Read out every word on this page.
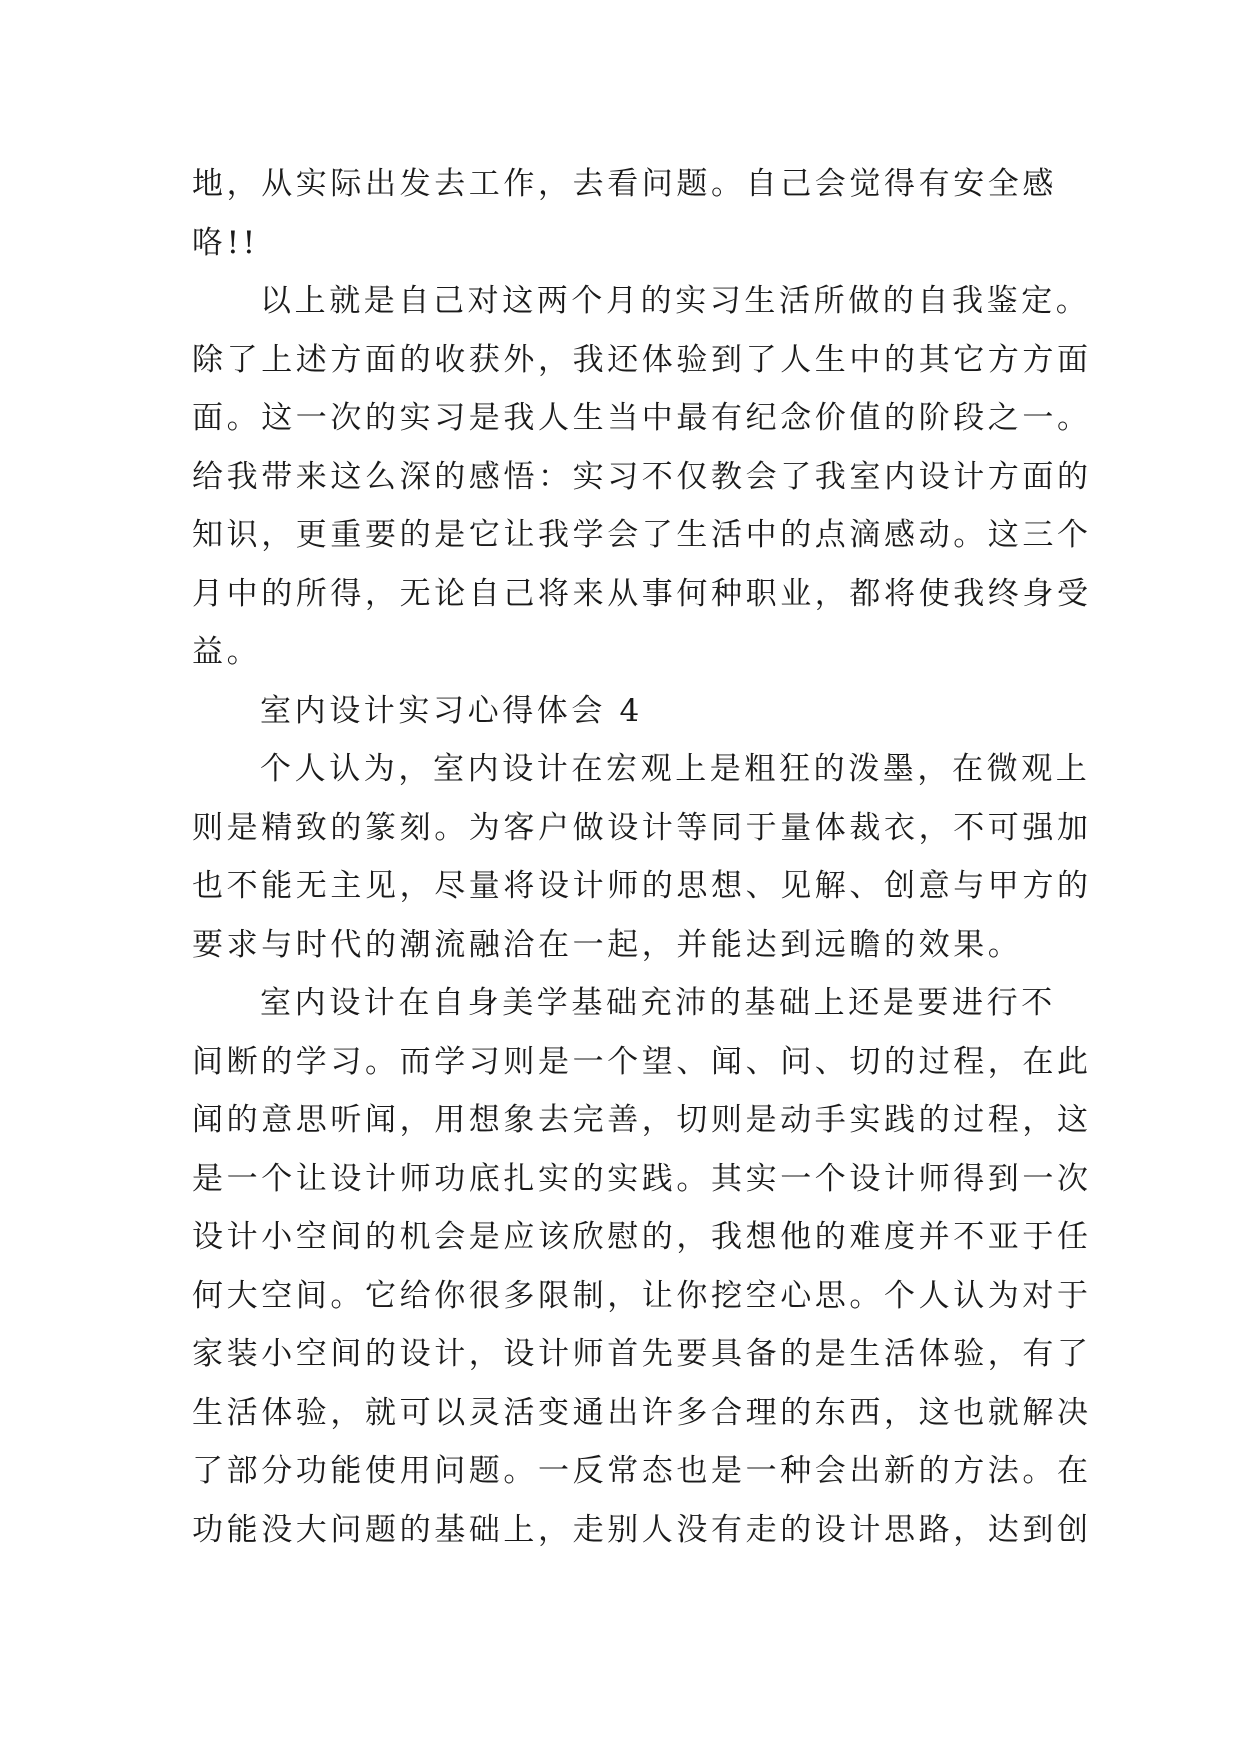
地，从实际出发去工作，去看问题。自己会觉得有安全感
咯!!
以上就是自己对这两个月的实习生活所做的自我鉴定。
除了上述方面的收获外，我还体验到了人生中的其它方方面
面。这一次的实习是我人生当中最有纪念价值的阶段之一。
给我带来这么深的感悟：实习不仅教会了我室内设计方面的
知识，更重要的是它让我学会了生活中的点滴感动。这三个
月中的所得，无论自己将来从事何种职业，都将使我终身受
益。
室内设计实习心得体会 4
个人认为，室内设计在宏观上是粗狂的泼墨，在微观上
则是精致的篆刻。为客户做设计等同于量体裁衣，不可强加
也不能无主见，尽量将设计师的思想、见解、创意与甲方的
要求与时代的潮流融洽在一起，并能达到远瞻的效果。
室内设计在自身美学基础充沛的基础上还是要进行不
间断的学习。而学习则是一个望、闻、问、切的过程，在此
闻的意思听闻，用想象去完善，切则是动手实践的过程，这
是一个让设计师功底扎实的实践。其实一个设计师得到一次
设计小空间的机会是应该欣慰的，我想他的难度并不亚于任
何大空间。它给你很多限制，让你挖空心思。个人认为对于
家装小空间的设计，设计师首先要具备的是生活体验，有了
生活体验，就可以灵活变通出许多合理的东西，这也就解决
了部分功能使用问题。一反常态也是一种会出新的方法。在
功能没大问题的基础上，走别人没有走的设计思路，达到创
